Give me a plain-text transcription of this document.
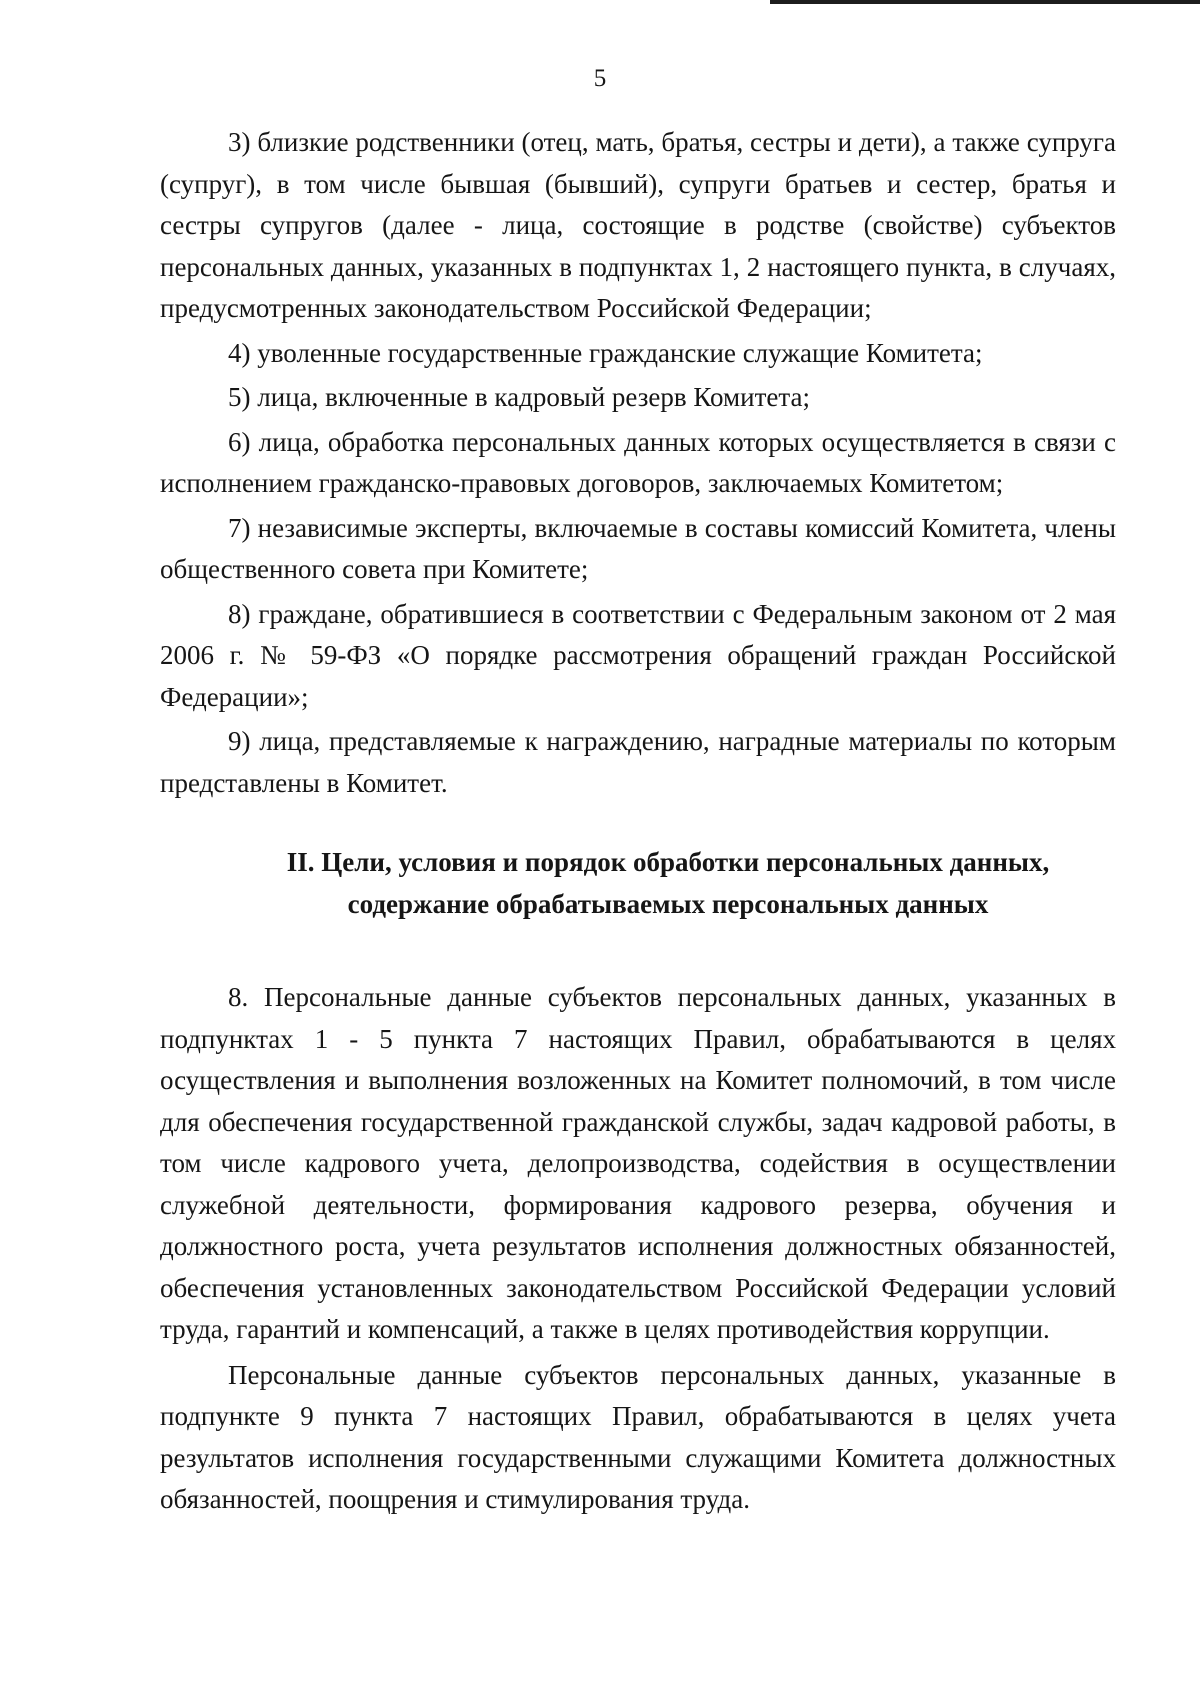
5

3) близкие родственники (отец, мать, братья, сестры и дети), а также супруга (супруг), в том числе бывшая (бывший), супруги братьев и сестер, братья и сестры супругов (далее - лица, состоящие в родстве (свойстве) субъектов персональных данных, указанных в подпунктах 1, 2 настоящего пункта, в случаях, предусмотренных законодательством Российской Федерации;

4) уволенные государственные гражданские служащие Комитета;

5) лица, включенные в кадровый резерв Комитета;

6) лица, обработка персональных данных которых осуществляется в связи с исполнением гражданско-правовых договоров, заключаемых Комитетом;

7) независимые эксперты, включаемые в составы комиссий Комитета, члены общественного совета при Комитете;

8) граждане, обратившиеся в соответствии с Федеральным законом от 2 мая 2006 г. № 59-ФЗ «О порядке рассмотрения обращений граждан Российской Федерации»;

9) лица, представляемые к награждению, наградные материалы по которым представлены в Комитет.

II. Цели, условия и порядок обработки персональных данных,
содержание обрабатываемых персональных данных

8. Персональные данные субъектов персональных данных, указанных в подпунктах 1 - 5 пункта 7 настоящих Правил, обрабатываются в целях осуществления и выполнения возложенных на Комитет полномочий, в том числе для обеспечения государственной гражданской службы, задач кадровой работы, в том числе кадрового учета, делопроизводства, содействия в осуществлении служебной деятельности, формирования кадрового резерва, обучения и должностного роста, учета результатов исполнения должностных обязанностей, обеспечения установленных законодательством Российской Федерации условий труда, гарантий и компенсаций, а также в целях противодействия коррупции.

Персональные данные субъектов персональных данных, указанные в подпункте 9 пункта 7 настоящих Правил, обрабатываются в целях учета результатов исполнения государственными служащими Комитета должностных обязанностей, поощрения и стимулирования труда.
